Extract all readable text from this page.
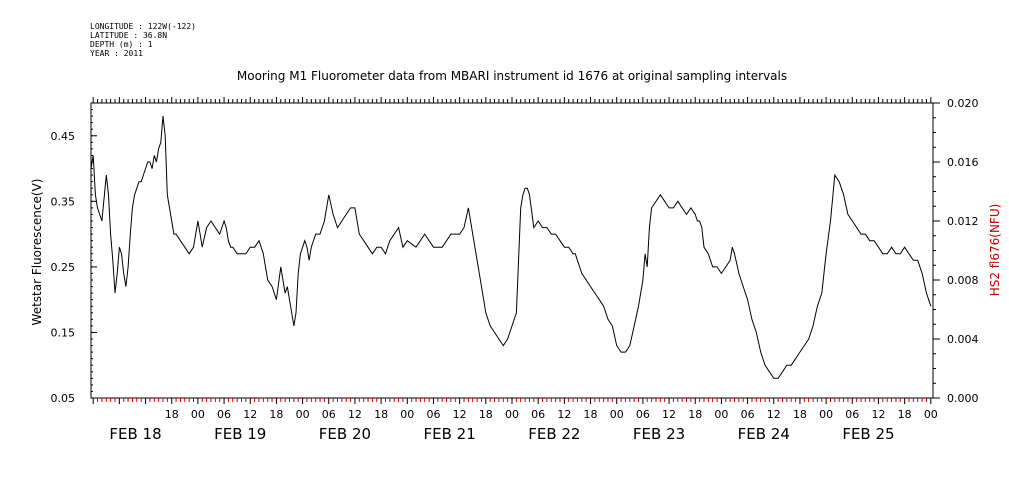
LONGITUDE : 122W(-122)
LATITUDE : 36.8N
DEPTH (m) : 1
YEAR : 2011
Mooring M1 Fluorometer data from MBARI instrument id 1676 at original sampling intervals
0.05
0.15
0.25
0.35
0.45
0.000
0.004
0.008
0.012
0.016
0.020
18 00 06 12 18 00 06 12 18 00 06 12 18 00 06 12 18 00 06 12 18 00 06 12 18 00 06 12 18 00
FEB 18	FEB 19	FEB 20	FEB 21	FEB 22	FEB 23	FEB 24	FEB 25
Wetstar Fluorescence(V)	HS2 fl676(NFU)
